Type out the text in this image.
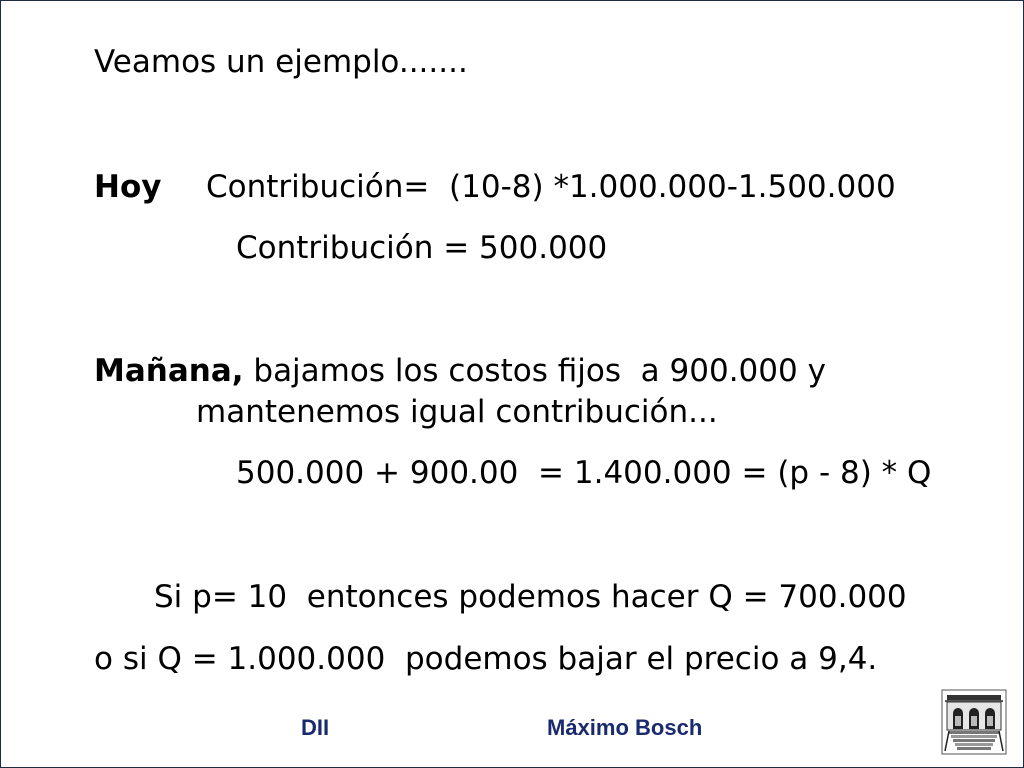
Veamos un ejemplo.......
Hoy Contribución=  (10-8) *1.000.000-1.500.000
Contribución = 500.000
Mañana, bajamos los costos fijos  a 900.000 y
mantenemos igual contribución...
500.000 + 900.00  = 1.400.000 = (p - 8) * Q
Si p= 10  entonces podemos hacer Q = 700.000
o si Q = 1.000.000  podemos bajar el precio a 9,4.
DII	Máximo Bosch
